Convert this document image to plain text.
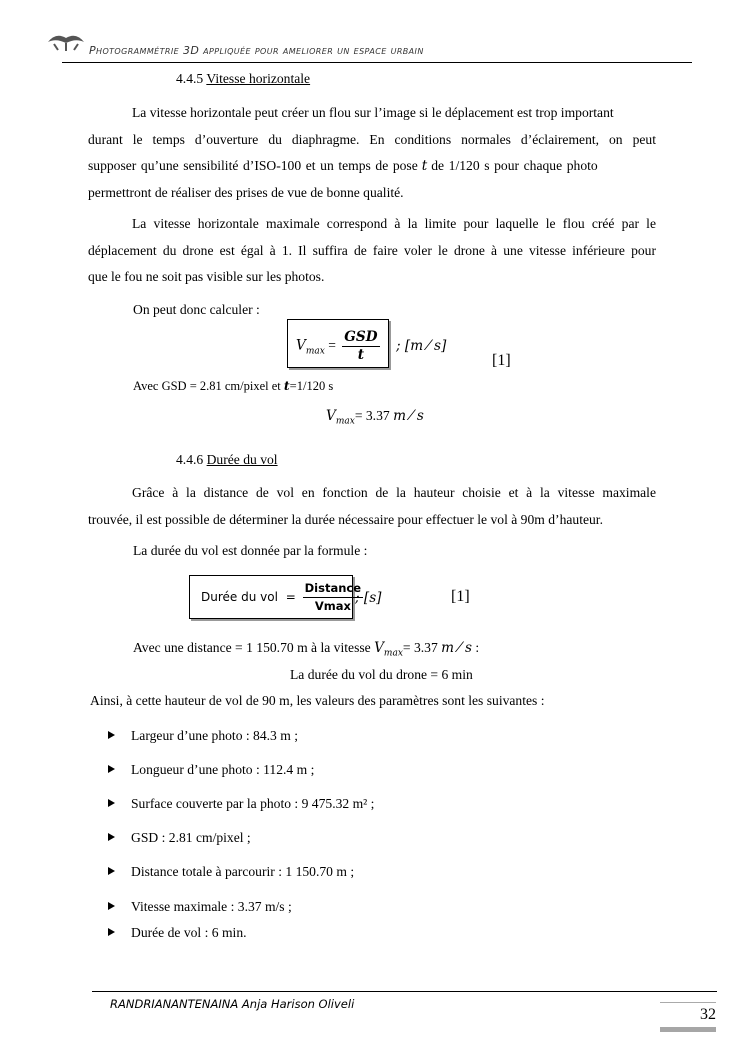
Photogrammétrie 3D appliquée pour ameliorer un espace urbain
4.4.5 Vitesse horizontale
La vitesse horizontale peut créer un flou sur l’image si le déplacement est trop important
durant le temps d’ouverture du diaphragme. En conditions normales d’éclairement, on peut
supposer qu’une sensibilité d’ISO-100 et un temps de pose t de 1/120 s pour chaque photo
permettront de réaliser des prises de vue de bonne qualité.
La vitesse horizontale maximale correspond à la limite pour laquelle le flou créé par le
déplacement du drone est égal à 1. Il suffira de faire voler le drone à une vitesse inférieure pour
que le fou ne soit pas visible sur les photos.
On peut donc calculer :
$V_{max} = \frac{\text{GSD}}{t}$ ; [m ⁄ s]
[1]
Avec GSD = 2.81 cm/pixel et t=1/120 s
$V_{max}= 3.37$ m ⁄ s
4.4.6 Durée du vol
Grâce à la distance de vol en fonction de la hauteur choisie et à la vitesse maximale
trouvée, il est possible de déterminer la durée nécessaire pour effectuer le vol à 90m d’hauteur.
La durée du vol est donnée par la formule :
Durée du vol = $\frac{\text{Distance}}{Vmax}$
; [s]	[1]
Avec une distance = 1 150.70 m à la vitesse $V_{max}= 3.37$ m ⁄ s :
La durée du vol du drone = 6 min
Ainsi, à cette hauteur de vol de 90 m, les valeurs des paramètres sont les suivantes :
Largeur d’une photo : 84.3 m ;
Longueur d’une photo : 112.4 m ;
Surface couverte par la photo : 9 475.32 m² ;
GSD : 2.81 cm/pixel ;
Distance totale à parcourir : 1 150.70 m ;
Vitesse maximale : 3.37 m/s ;
Durée de vol : 6 min.
RANDRIANANTENAINA Anja Harison Oliveli
32
